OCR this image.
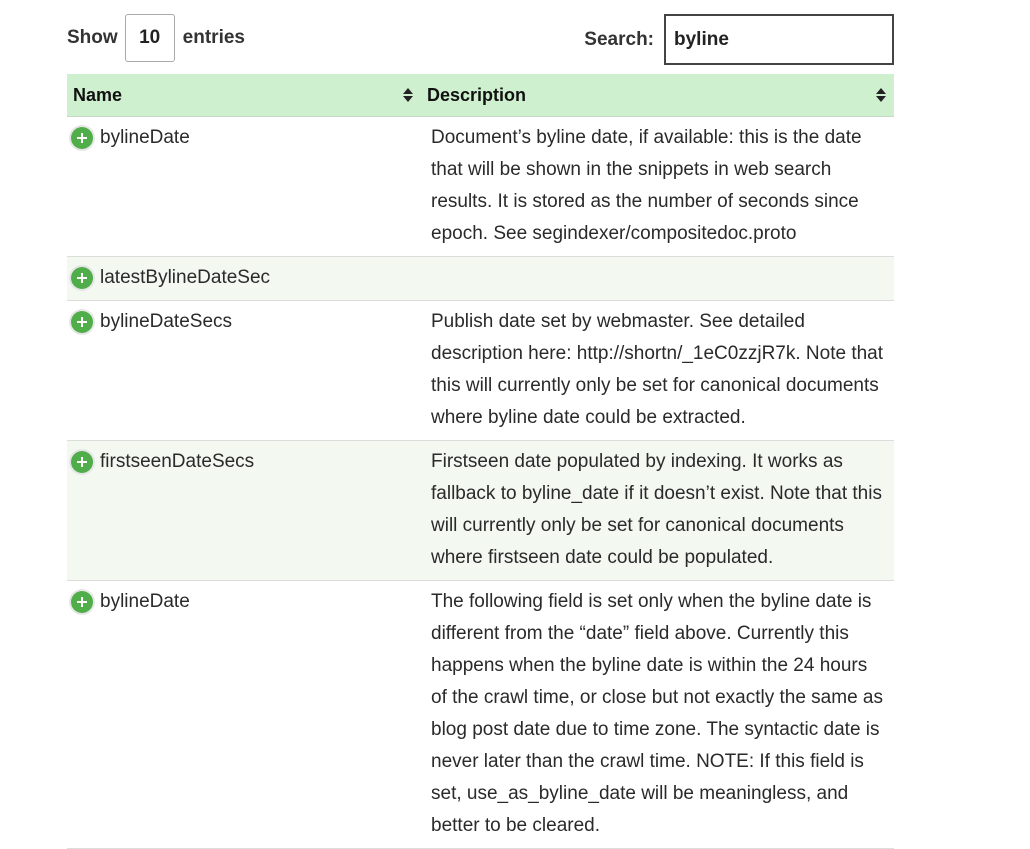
Show 10 entries	Search:
byline
Name	Description

bylineDate	Document’s byline date, if available: this is the date that will be shown in the snippets in web search results. It is stored as the number of seconds since epoch. See segindexer/compositedoc.proto

latestBylineDateSec	

bylineDateSecs	Publish date set by webmaster. See detailed description here: http://shortn/_1eC0zzjR7k. Note that this will currently only be set for canonical documents where byline date could be extracted.

firstseenDateSecs	Firstseen date populated by indexing. It works as fallback to byline_date if it doesn’t exist. Note that this will currently only be set for canonical documents where firstseen date could be populated.

bylineDate	The following field is set only when the byline date is different from the “date” field above. Currently this happens when the byline date is within the 24 hours of the crawl time, or close but not exactly the same as blog post date due to time zone. The syntactic date is never later than the crawl time. NOTE: If this field is set, use_as_byline_date will be meaningless, and better to be cleared.
